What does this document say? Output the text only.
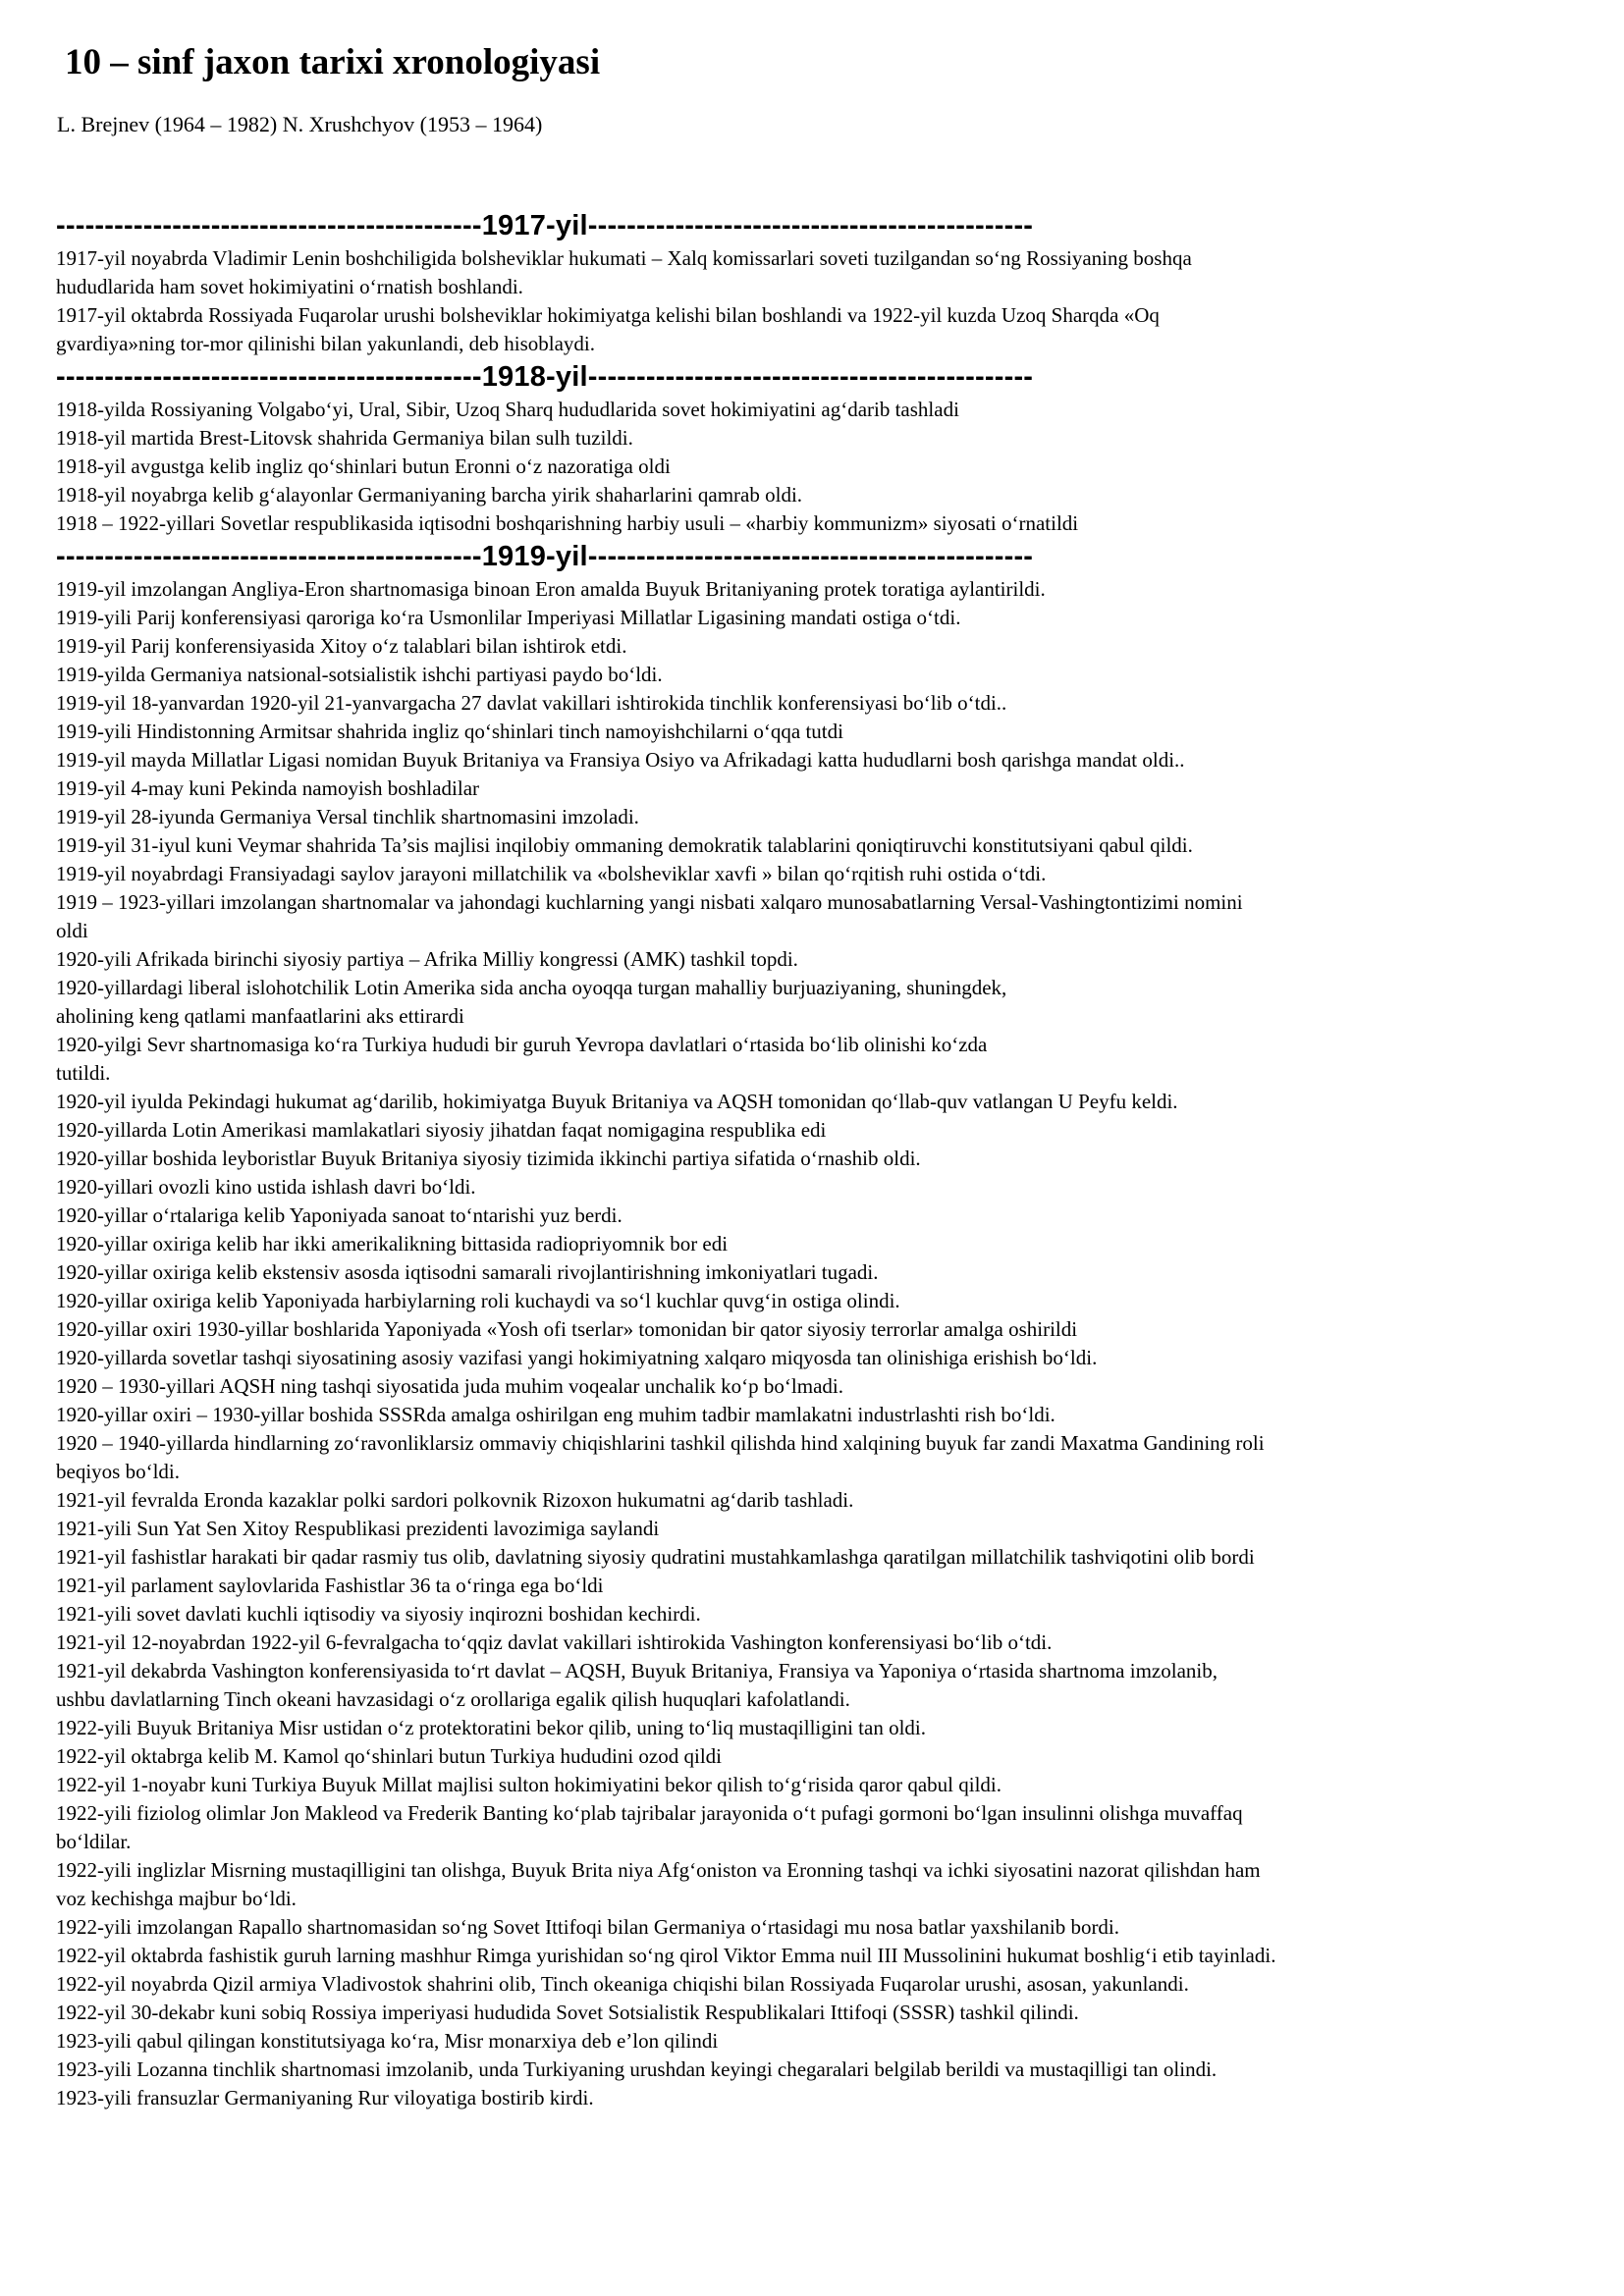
10 – sinf jaxon tarixi xronologiyasi
L. Brejnev (1964 – 1982) N. Xrushchyov (1953 – 1964)
--------------------------------------------1917-yil----------------------------------------------
1917-yil noyabrda Vladimir Lenin boshchiligida bolsheviklar hukumati – Xalq komissarlari soveti tuzilgandan so‘ng Rossiyaning boshqa
hududlarida ham sovet hokimiyatini o‘rnatish boshlandi.
1917-yil oktabrda Rossiyada Fuqarolar urushi bolsheviklar hokimiyatga kelishi bilan boshlandi va 1922-yil kuzda Uzoq Sharqda «Oq
gvardiya»ning tor-mor qilinishi bilan yakunlandi, deb hisoblaydi.
--------------------------------------------1918-yil----------------------------------------------
1918-yilda Rossiyaning Volgabo‘yi, Ural, Sibir, Uzoq Sharq hududlarida sovet hokimiyatini ag‘darib tashladi
1918-yil martida Brest-Litovsk shahrida Germaniya bilan sulh tuzildi.
1918-yil avgustga kelib ingliz qo‘shinlari butun Eronni o‘z nazoratiga oldi
1918-yil noyabrga kelib g‘alayonlar Germaniyaning barcha yirik shaharlarini qamrab oldi.
1918 – 1922-yillari Sovetlar respublikasida iqtisodni boshqarishning harbiy usuli – «harbiy kommunizm» siyosati o‘rnatildi
--------------------------------------------1919-yil----------------------------------------------
1919-yil imzolangan Angliya-Eron shartnomasiga binoan Eron amalda Buyuk Britaniyaning protek toratiga aylantirildi.
1919-yili Parij konferensiyasi qaroriga ko‘ra Usmonlilar Imperiyasi Millatlar Ligasining mandati ostiga o‘tdi.
1919-yil Parij konferensiyasida Xitoy o‘z talablari bilan ishtirok etdi.
1919-yilda Germaniya natsional-sotsialistik ishchi partiyasi paydo bo‘ldi.
1919-yil 18-yanvardan 1920-yil 21-yanvargacha 27 davlat vakillari ishtirokida tinchlik konferensiyasi bo‘lib o‘tdi..
1919-yili Hindistonning Armitsar shahrida ingliz qo‘shinlari tinch namoyishchilarni o‘qqa tutdi
1919-yil mayda Millatlar Ligasi nomidan Buyuk Britaniya va Fransiya Osiyo va Afrikadagi katta hududlarni bosh qarishga mandat oldi..
1919-yil 4-may kuni Pekinda namoyish boshladilar
1919-yil 28-iyunda Germaniya Versal tinchlik shartnomasini imzoladi.
1919-yil 31-iyul kuni Veymar shahrida Ta’sis majlisi inqilobiy ommaning demokratik talablarini qoniqtiruvchi konstitutsiyani qabul qildi.
1919-yil noyabrdagi Fransiyadagi saylov jarayoni millatchilik va «bolsheviklar xavfi » bilan qo‘rqitish ruhi ostida o‘tdi.
1919 – 1923-yillari imzolangan shartnomalar va jahondagi kuchlarning yangi nisbati xalqaro munosabatlarning Versal-Vashingtontizimi nomini
oldi
1920-yili Afrikada birinchi siyosiy partiya – Afrika Milliy kongressi (AMK) tashkil topdi.
1920-yillardagi liberal islohotchilik Lotin Amerika sida ancha oyoqqa turgan mahalliy burjuaziyaning, shuningdek,
aholining keng qatlami manfaatlarini aks ettirardi
1920-yilgi Sevr shartnomasiga ko‘ra Turkiya hududi bir guruh Yevropa davlatlari o‘rtasida bo‘lib olinishi ko‘zda
tutildi.
1920-yil iyulda Pekindagi hukumat ag‘darilib, hokimiyatga Buyuk Britaniya va AQSH tomonidan qo‘llab-quv vatlangan U Peyfu keldi.
1920-yillarda Lotin Amerikasi mamlakatlari siyosiy jihatdan faqat nomigagina respublika edi
1920-yillar boshida leyboristlar Buyuk Britaniya siyosiy tizimida ikkinchi partiya sifatida o‘rnashib oldi.
1920-yillari ovozli kino ustida ishlash davri bo‘ldi.
1920-yillar o‘rtalariga kelib Yaponiyada sanoat to‘ntarishi yuz berdi.
1920-yillar oxiriga kelib har ikki amerikalikning bittasida radiopriyomnik bor edi
1920-yillar oxiriga kelib ekstensiv asosda iqtisodni samarali rivojlantirishning imkoniyatlari tugadi.
1920-yillar oxiriga kelib Yaponiyada harbiylarning roli kuchaydi va so‘l kuchlar quvg‘in ostiga olindi.
1920-yillar oxiri 1930-yillar boshlarida Yaponiyada «Yosh ofi tserlar» tomonidan bir qator siyosiy terrorlar amalga oshirildi
1920-yillarda sovetlar tashqi siyosatining asosiy vazifasi yangi hokimiyatning xalqaro miqyosda tan olinishiga erishish bo‘ldi.
1920 – 1930-yillari AQSH ning tashqi siyosatida juda muhim voqealar unchalik ko‘p bo‘lmadi.
1920-yillar oxiri – 1930-yillar boshida SSSRda amalga oshirilgan eng muhim tadbir mamlakatni industrlashti rish bo‘ldi.
1920 – 1940-yillarda hindlarning zo‘ravonliklarsiz ommaviy chiqishlarini tashkil qilishda hind xalqining buyuk far zandi Maxatma Gandining roli
beqiyos bo‘ldi.
1921-yil fevralda Eronda kazaklar polki sardori polkovnik Rizoxon hukumatni ag‘darib tashladi.
1921-yili Sun Yat Sen Xitoy Respublikasi prezidenti lavozimiga saylandi
1921-yil fashistlar harakati bir qadar rasmiy tus olib, davlatning siyosiy qudratini mustahkamlashga qaratilgan millatchilik tashviqotini olib bordi
1921-yil parlament saylovlarida Fashistlar 36 ta o‘ringa ega bo‘ldi
1921-yili sovet davlati kuchli iqtisodiy va siyosiy inqirozni boshidan kechirdi.
1921-yil 12-noyabrdan 1922-yil 6-fevralgacha to‘qqiz davlat vakillari ishtirokida Vashington konferensiyasi bo‘lib o‘tdi.
1921-yil dekabrda Vashington konferensiyasida to‘rt davlat – AQSH, Buyuk Britaniya, Fransiya va Yaponiya o‘rtasida shartnoma imzolanib,
ushbu davlatlarning Tinch okeani havzasidagi o‘z orollariga egalik qilish huquqlari kafolatlandi.
1922-yili Buyuk Britaniya Misr ustidan o‘z protektoratini bekor qilib, uning to‘liq mustaqilligini tan oldi.
1922-yil oktabrga kelib M. Kamol qo‘shinlari butun Turkiya hududini ozod qildi
1922-yil 1-noyabr kuni Turkiya Buyuk Millat majlisi sulton hokimiyatini bekor qilish to‘g‘risida qaror qabul qildi.
1922-yili fiziolog olimlar Jon Makleod va Frederik Banting ko‘plab tajribalar jarayonida o‘t pufagi gormoni bo‘lgan insulinni olishga muvaffaq
bo‘ldilar.
1922-yili inglizlar Misrning mustaqilligini tan olishga, Buyuk Brita niya Afg‘oniston va Eronning tashqi va ichki siyosatini nazorat qilishdan ham
voz kechishga majbur bo‘ldi.
1922-yili imzolangan Rapallo shartnomasidan so‘ng Sovet Ittifoqi bilan Germaniya o‘rtasidagi mu nosa batlar yaxshilanib bordi.
1922-yil oktabrda fashistik guruh larning mashhur Rimga yurishidan so‘ng qirol Viktor Emma nuil III Mussolinini hukumat boshlig‘i etib tayinladi.
1922-yil noyabrda Qizil armiya Vladivostok shahrini olib, Tinch okeaniga chiqishi bilan Rossiyada Fuqarolar urushi, asosan, yakunlandi.
1922-yil 30-dekabr kuni sobiq Rossiya imperiyasi hududida Sovet Sotsialistik Respublikalari Ittifoqi (SSSR) tashkil qilindi.
1923-yili qabul qilingan konstitutsiyaga ko‘ra, Misr monarxiya deb e’lon qilindi
1923-yili Lozanna tinchlik shartnomasi imzolanib, unda Turkiyaning urushdan keyingi chegaralari belgilab berildi va mustaqilligi tan olindi.
1923-yili fransuzlar Germaniyaning Rur viloyatiga bostirib kirdi.
